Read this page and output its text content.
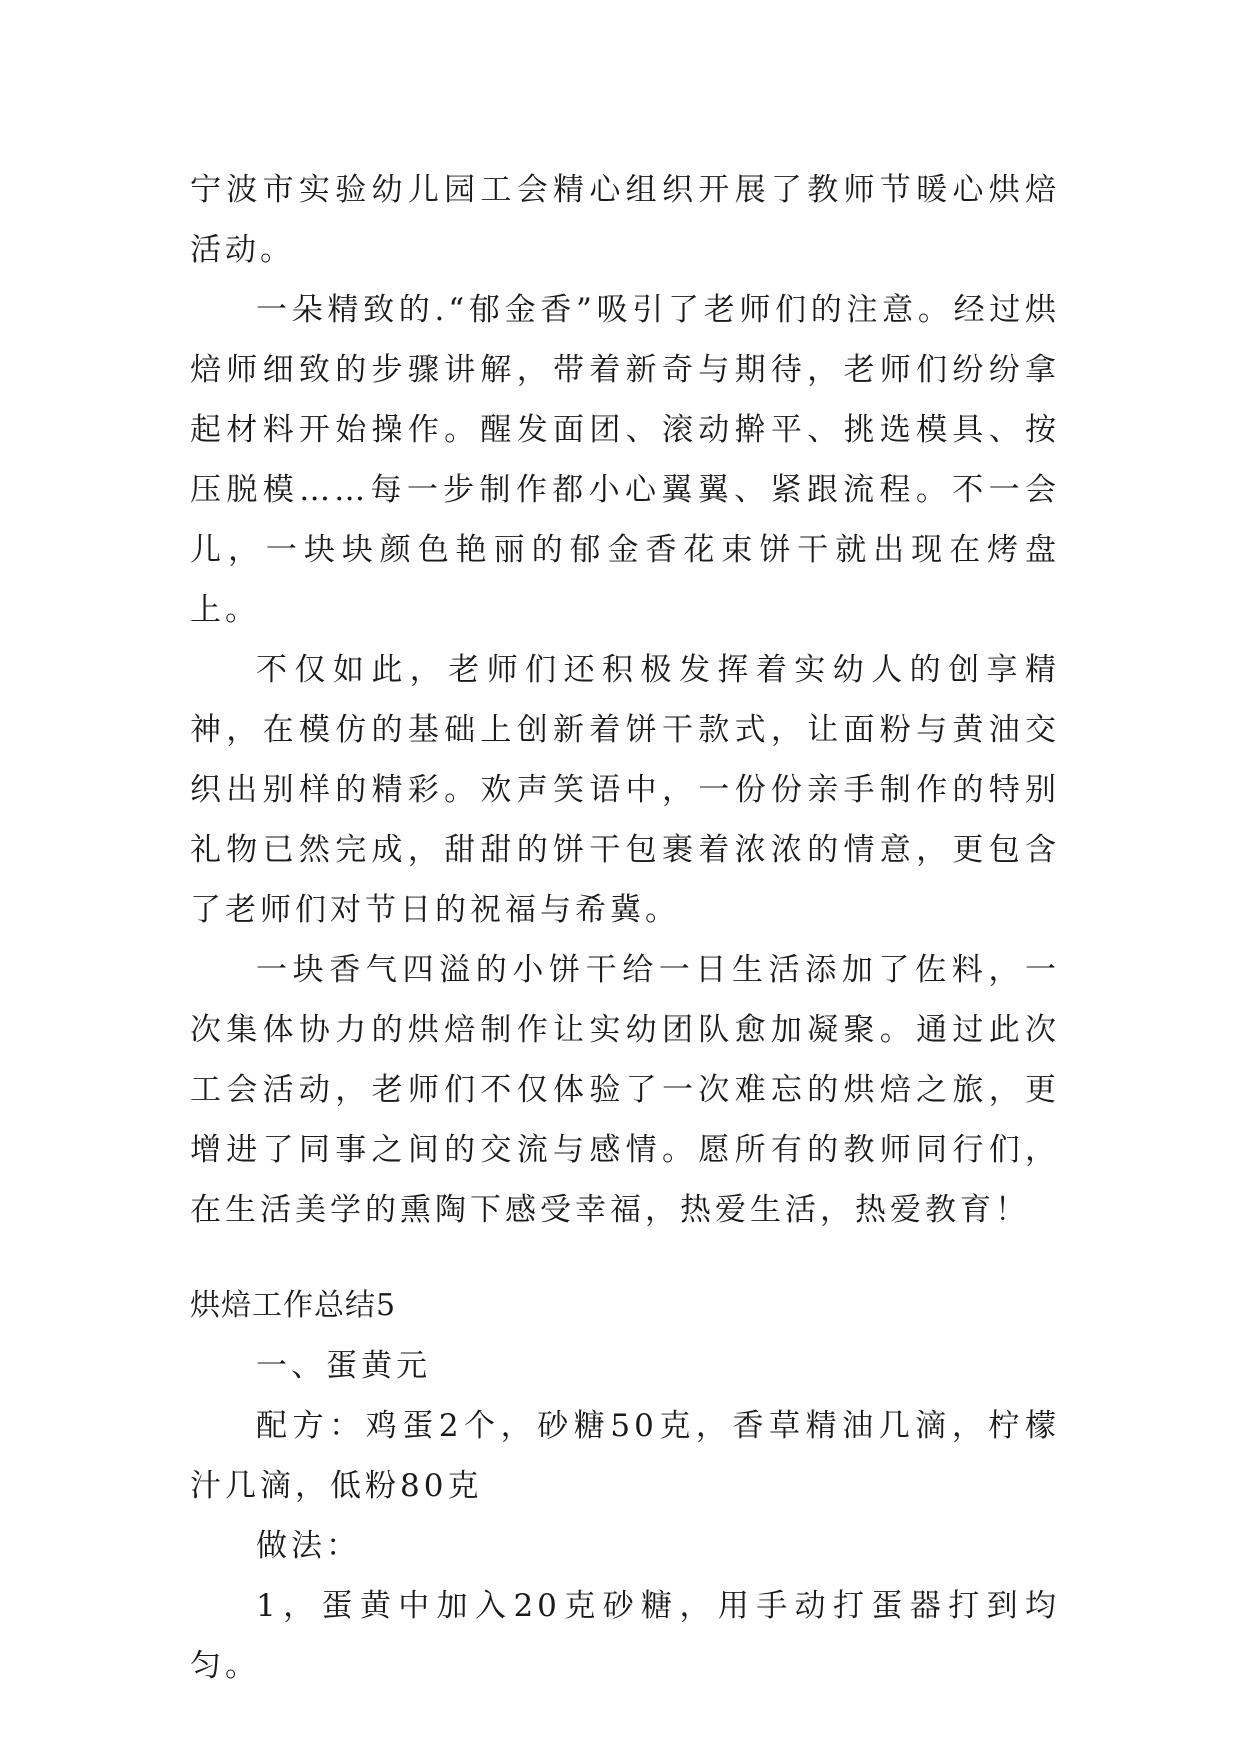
宁波市实验幼儿园工会精心组织开展了教师节暖心烘焙活动。

一朵精致的.“郁金香”吸引了老师们的注意。经过烘焙师细致的步骤讲解，带着新奇与期待，老师们纷纷拿起材料开始操作。醒发面团、滚动擀平、挑选模具、按压脱模……每一步制作都小心翼翼、紧跟流程。不一会儿，一块块颜色艳丽的郁金香花束饼干就出现在烤盘上。

不仅如此，老师们还积极发挥着实幼人的创享精神，在模仿的基础上创新着饼干款式，让面粉与黄油交织出别样的精彩。欢声笑语中，一份份亲手制作的特别礼物已然完成，甜甜的饼干包裹着浓浓的情意，更包含了老师们对节日的祝福与希冀。

一块香气四溢的小饼干给一日生活添加了佐料，一次集体协力的烘焙制作让实幼团队愈加凝聚。通过此次工会活动，老师们不仅体验了一次难忘的烘焙之旅，更增进了同事之间的交流与感情。愿所有的教师同行们，在生活美学的熏陶下感受幸福，热爱生活，热爱教育！

烘焙工作总结5

一、蛋黄元

配方：鸡蛋2个，砂糖50克，香草精油几滴，柠檬汁几滴，低粉80克

做法：

1，蛋黄中加入20克砂糖，用手动打蛋器打到均匀。
